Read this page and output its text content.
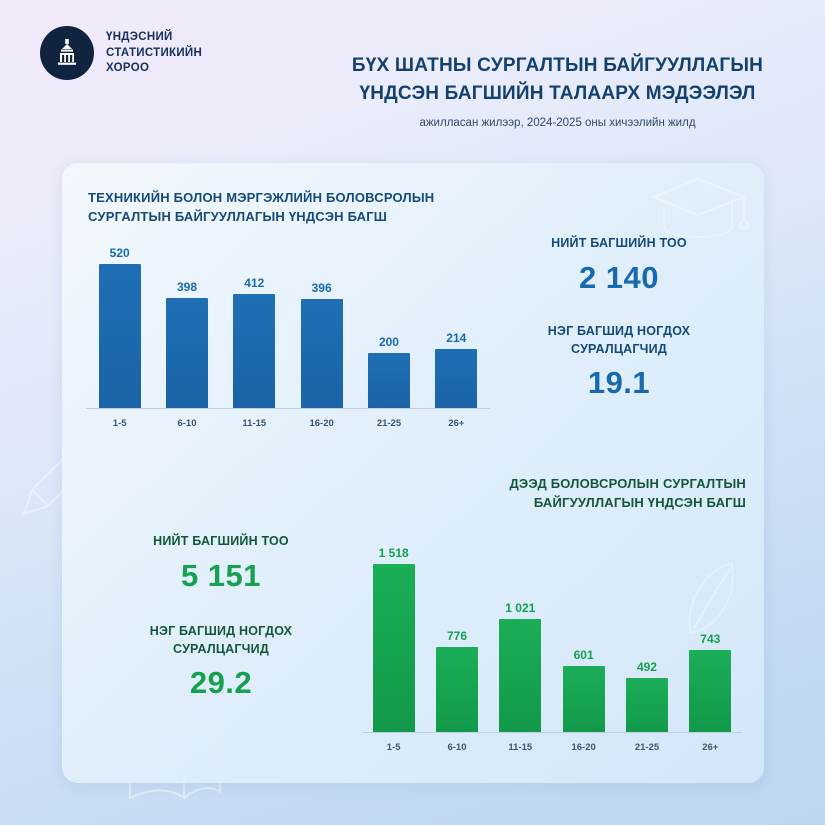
ҮНДЭСНИЙ
СТАТИСТИКИЙН
ХОРОО	БҮХ ШАТНЫ СУРГАЛТЫН БАЙГУУЛЛАГЫН
ҮНДСЭН БАГШИЙН ТАЛААРХ МЭДЭЭЛЭЛ
ажилласан жилээр, 2024-2025 оны хичээлийн жилд
ТЕХНИКИЙН БОЛОН МЭРГЭЖЛИЙН БОЛОВСРОЛЫН
СУРГАЛТЫН БАЙГУУЛЛАГЫН ҮНДСЭН БАГШ
520
398	412	396
200	214
1-5	6-10	11-15	16-20	21-25	26+
НИЙТ БАГШИЙН ТОО
2 140
НЭГ БАГШИД НОГДОХ
СУРАЛЦАГЧИД
19.1
ДЭЭД БОЛОВСРОЛЫН СУРГАЛТЫН
БАЙГУУЛЛАГЫН ҮНДСЭН БАГШ
НИЙТ БАГШИЙН ТОО
5 151
НЭГ БАГШИД НОГДОХ
СУРАЛЦАГЧИД
29.2
1 518
776
1 021
601
492
743
1-5	6-10	11-15	16-20	21-25	26+
